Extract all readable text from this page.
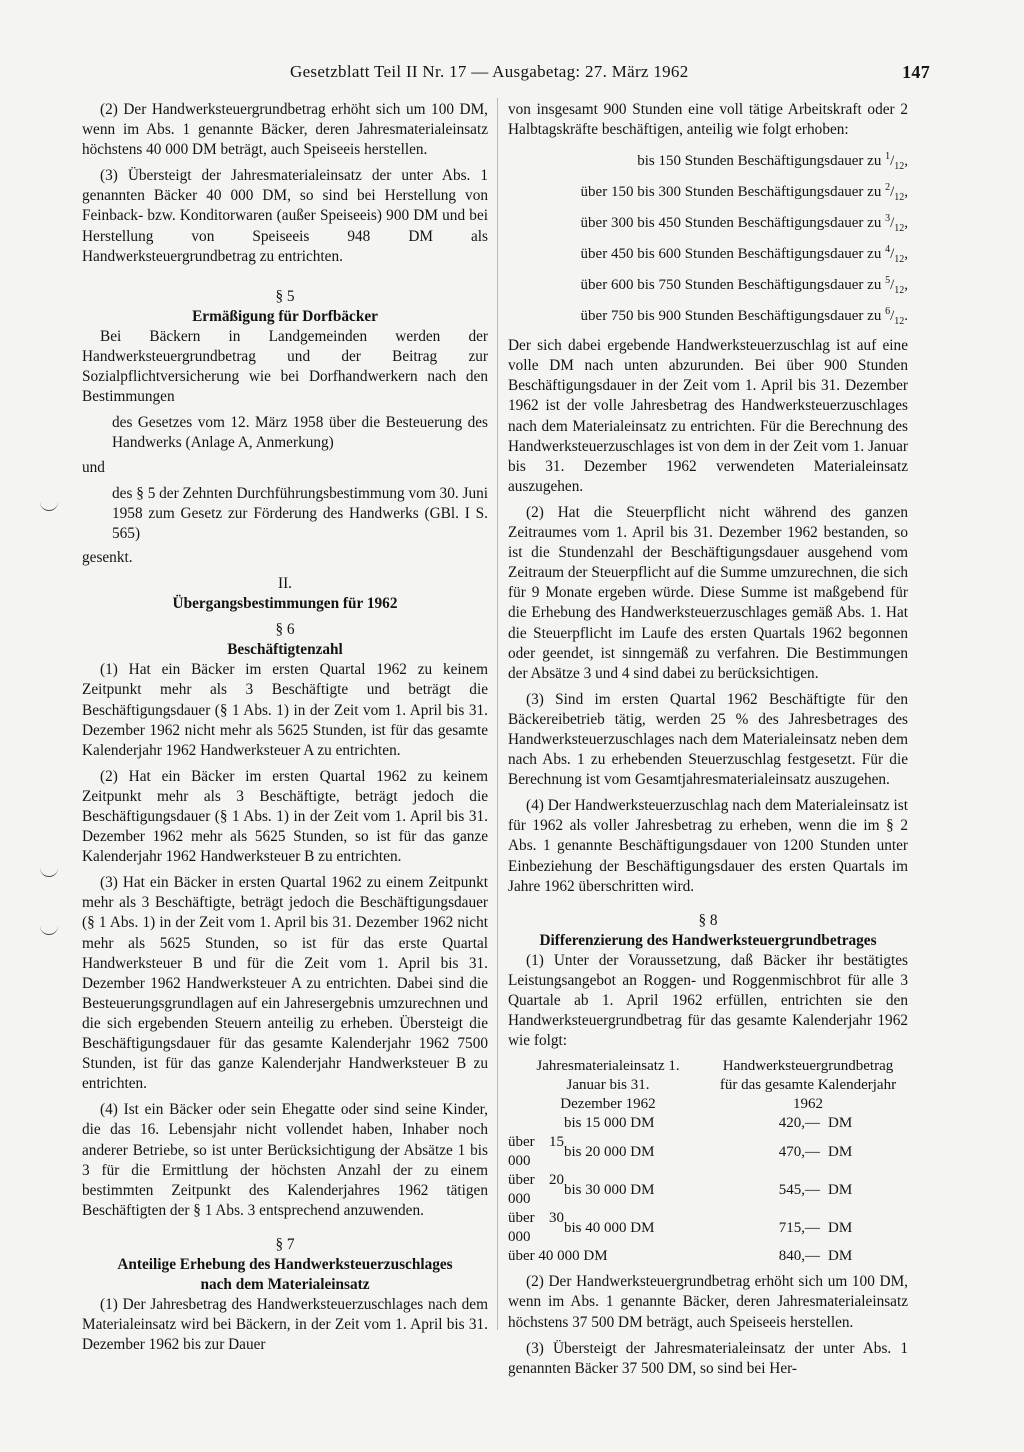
Gesetzblatt Teil II Nr. 17 — Ausgabetag: 27. März 1962	147

(2) Der Handwerksteuergrundbetrag erhöht sich um 100 DM, wenn im Abs. 1 genannte Bäcker, deren Jahresmaterialeinsatz höchstens 40 000 DM beträgt, auch Speiseeis herstellen.

(3) Übersteigt der Jahresmaterialeinsatz der unter Abs. 1 genannten Bäcker 40 000 DM, so sind bei Herstellung von Feinback- bzw. Konditorwaren (außer Speiseeis) 900 DM und bei Herstellung von Speiseeis 948 DM als Handwerksteuergrundbetrag zu entrichten.

§ 5

Ermäßigung für Dorfbäcker

Bei Bäckern in Landgemeinden werden der Handwerksteuergrundbetrag und der Beitrag zur Sozialpflichtversicherung wie bei Dorfhandwerkern nach den Bestimmungen

des Gesetzes vom 12. März 1958 über die Besteuerung des Handwerks (Anlage A, Anmerkung)

und

des § 5 der Zehnten Durchführungsbestimmung vom 30. Juni 1958 zum Gesetz zur Förderung des Handwerks (GBl. I S. 565)

gesenkt.

II.

Übergangsbestimmungen für 1962

§ 6

Beschäftigtenzahl

(1) Hat ein Bäcker im ersten Quartal 1962 zu keinem Zeitpunkt mehr als 3 Beschäftigte und beträgt die Beschäftigungsdauer (§ 1 Abs. 1) in der Zeit vom 1. April bis 31. Dezember 1962 nicht mehr als 5625 Stunden, ist für das gesamte Kalenderjahr 1962 Handwerksteuer A zu entrichten.

(2) Hat ein Bäcker im ersten Quartal 1962 zu keinem Zeitpunkt mehr als 3 Beschäftigte, beträgt jedoch die Beschäftigungsdauer (§ 1 Abs. 1) in der Zeit vom 1. April bis 31. Dezember 1962 mehr als 5625 Stunden, so ist für das ganze Kalenderjahr 1962 Handwerksteuer B zu entrichten.

(3) Hat ein Bäcker in ersten Quartal 1962 zu einem Zeitpunkt mehr als 3 Beschäftigte, beträgt jedoch die Beschäftigungsdauer (§ 1 Abs. 1) in der Zeit vom 1. April bis 31. Dezember 1962 nicht mehr als 5625 Stunden, so ist für das erste Quartal Handwerksteuer B und für die Zeit vom 1. April bis 31. Dezember 1962 Handwerksteuer A zu entrichten. Dabei sind die Besteuerungsgrundlagen auf ein Jahresergebnis umzurechnen und die sich ergebenden Steuern anteilig zu erheben. Übersteigt die Beschäftigungsdauer für das gesamte Kalenderjahr 1962 7500 Stunden, ist für das ganze Kalenderjahr Handwerksteuer B zu entrichten.

(4) Ist ein Bäcker oder sein Ehegatte oder sind seine Kinder, die das 16. Lebensjahr nicht vollendet haben, Inhaber noch anderer Betriebe, so ist unter Berücksichtigung der Absätze 1 bis 3 für die Ermittlung der höchsten Anzahl der zu einem bestimmten Zeitpunkt des Kalenderjahres 1962 tätigen Beschäftigten der § 1 Abs. 3 entsprechend anzuwenden.

§ 7

Anteilige Erhebung des Handwerksteuerzuschlages

nach dem Materialeinsatz

(1) Der Jahresbetrag des Handwerksteuerzuschlages nach dem Materialeinsatz wird bei Bäckern, in der Zeit vom 1. April bis 31. Dezember 1962 bis zur Dauer

von insgesamt 900 Stunden eine voll tätige Arbeitskraft oder 2 Halbtagskräfte beschäftigen, anteilig wie folgt erhoben:

bis 150 Stunden Beschäftigungsdauer zu $^1/_{12}$,
über 150 bis 300 Stunden Beschäftigungsdauer zu $^2/_{12}$,
über 300 bis 450 Stunden Beschäftigungsdauer zu $^3/_{12}$,
über 450 bis 600 Stunden Beschäftigungsdauer zu $^4/_{12}$,
über 600 bis 750 Stunden Beschäftigungsdauer zu $^5/_{12}$,
über 750 bis 900 Stunden Beschäftigungsdauer zu $^6/_{12}$.

Der sich dabei ergebende Handwerksteuerzuschlag ist auf eine volle DM nach unten abzurunden. Bei über 900 Stunden Beschäftigungsdauer in der Zeit vom 1. April bis 31. Dezember 1962 ist der volle Jahresbetrag des Handwerksteuerzuschlages nach dem Materialeinsatz zu entrichten. Für die Berechnung des Handwerksteuerzuschlages ist von dem in der Zeit vom 1. Januar bis 31. Dezember 1962 verwendeten Materialeinsatz auszugehen.

(2) Hat die Steuerpflicht nicht während des ganzen Zeitraumes vom 1. April bis 31. Dezember 1962 bestanden, so ist die Stundenzahl der Beschäftigungsdauer ausgehend vom Zeitraum der Steuerpflicht auf die Summe umzurechnen, die sich für 9 Monate ergeben würde. Diese Summe ist maßgebend für die Erhebung des Handwerksteuerzuschlages gemäß Abs. 1. Hat die Steuerpflicht im Laufe des ersten Quartals 1962 begonnen oder geendet, ist sinngemäß zu verfahren. Die Bestimmungen der Absätze 3 und 4 sind dabei zu berücksichtigen.

(3) Sind im ersten Quartal 1962 Beschäftigte für den Bäckereibetrieb tätig, werden 25 % des Jahresbetrages des Handwerksteuerzuschlages nach dem Materialeinsatz neben dem nach Abs. 1 zu erhebenden Steuerzuschlag festgesetzt. Für die Berechnung ist vom Gesamtjahresmaterialeinsatz auszugehen.

(4) Der Handwerksteuerzuschlag nach dem Materialeinsatz ist für 1962 als voller Jahresbetrag zu erheben, wenn die im § 2 Abs. 1 genannte Beschäftigungsdauer von 1200 Stunden unter Einbeziehung der Beschäftigungsdauer des ersten Quartals im Jahre 1962 überschritten wird.

§ 8

Differenzierung des Handwerksteuergrundbetrages

(1) Unter der Voraussetzung, daß Bäcker ihr bestätigtes Leistungsangebot an Roggen- und Roggenmischbrot für alle 3 Quartale ab 1. April 1962 erfüllen, entrichten sie den Handwerksteuergrundbetrag für das gesamte Kalenderjahr 1962 wie folgt:

Jahresmaterialeinsatz 1. Januar bis 31. Dezember 1962		Handwerksteuergrundbetrag für das gesamte Kalenderjahr 1962	
	bis 15 000 DM	420,—	DM
über 15 000	bis 20 000 DM	470,—	DM
über 20 000	bis 30 000 DM	545,—	DM
über 30 000	bis 40 000 DM	715,—	DM
über 40 000 DM		840,—	DM

(2) Der Handwerksteuergrundbetrag erhöht sich um 100 DM, wenn im Abs. 1 genannte Bäcker, deren Jahresmaterialeinsatz höchstens 37 500 DM beträgt, auch Speiseeis herstellen.

(3) Übersteigt der Jahresmaterialeinsatz der unter Abs. 1 genannten Bäcker 37 500 DM, so sind bei Her-
